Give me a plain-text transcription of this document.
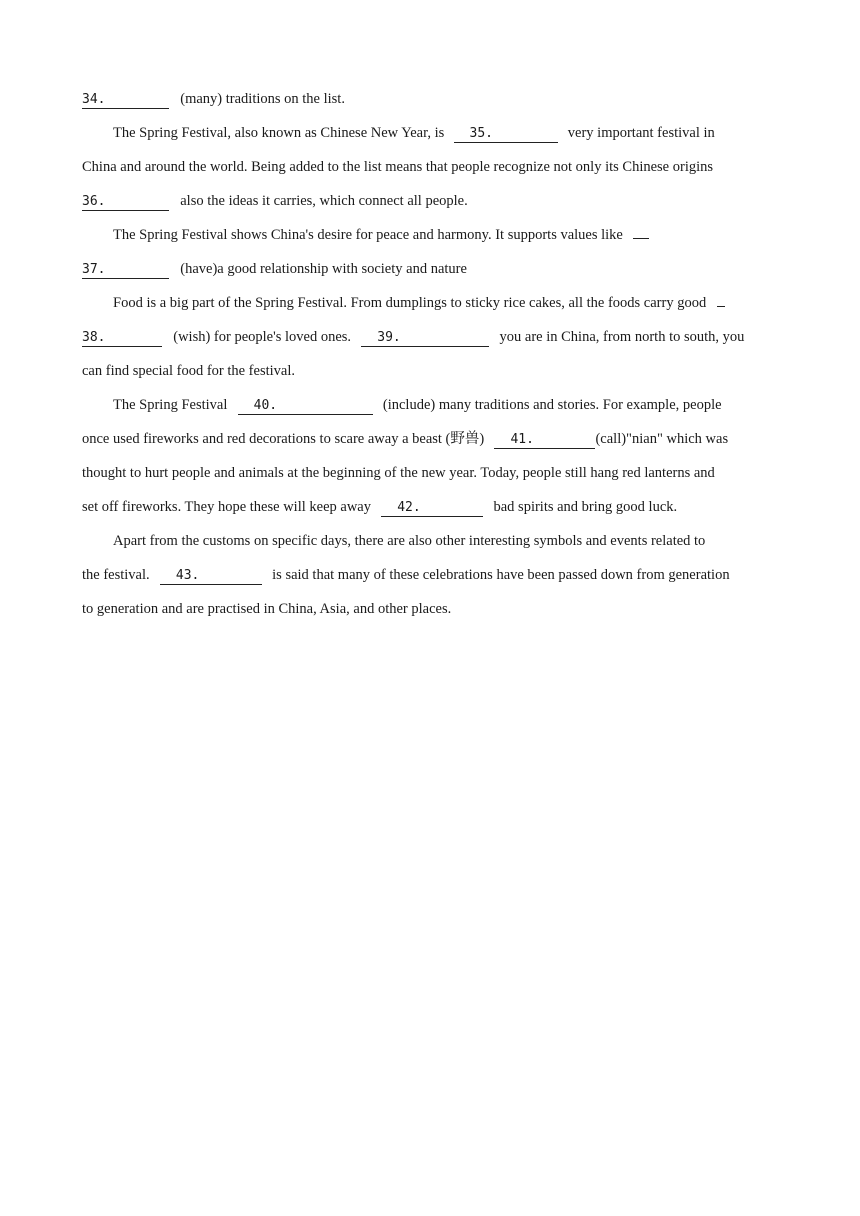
34.	(many) traditions on the list.
The Spring Festival, also known as Chinese New Year, is 35.	very important festival in
China and around the world. Being added to the list means that people recognize not only its Chinese origins
36.	also the ideas it carries, which connect all people.
The Spring Festival shows China's desire for peace and harmony. It supports values like
37.	(have)a good relationship with society and nature
Food is a big part of the Spring Festival. From dumplings to sticky rice cakes, all the foods carry good
38.	(wish) for people's loved ones. 39.	you are in China, from north to south, you
can find special food for the festival.
The Spring Festival 40.	(include) many traditions and stories. For example, people
once used fireworks and red decorations to scare away a beast (野兽) 41.	(call)"nian" which was
thought to hurt people and animals at the beginning of the new year. Today, people still hang red lanterns and
set off fireworks. They hope these will keep away 42.	bad spirits and bring good luck.
Apart from the customs on specific days, there are also other interesting symbols and events related to
the festival. 43.	is said that many of these celebrations have been passed down from generation
to generation and are practised in China, Asia, and other places.
